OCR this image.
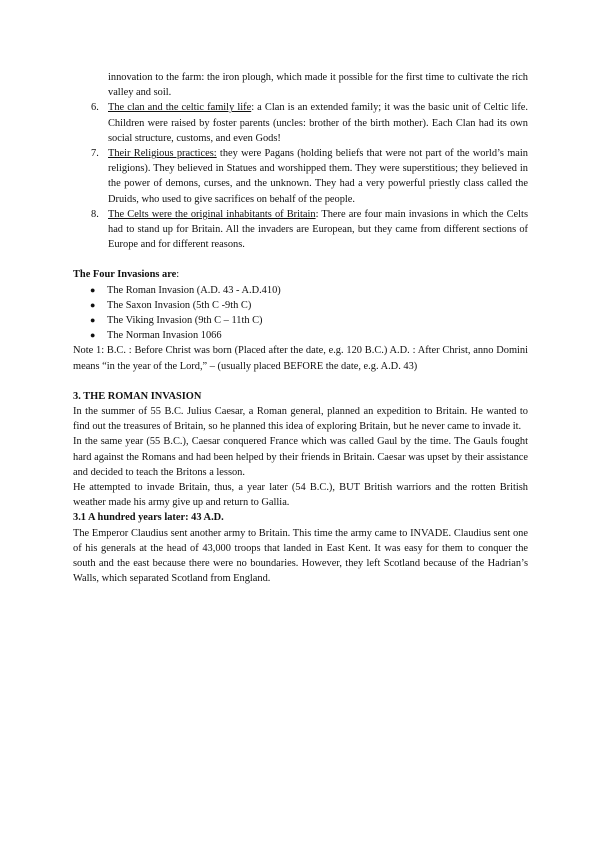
innovation to the farm: the iron plough, which made it possible for the first time to cultivate the rich valley and soil.

6. The clan and the celtic family life: a Clan is an extended family; it was the basic unit of Celtic life. Children were raised by foster parents (uncles: brother of the birth mother). Each Clan had its own social structure, customs, and even Gods!
7. Their Religious practices: they were Pagans (holding beliefs that were not part of the world’s main religions). They believed in Statues and worshipped them. They were superstitious; they believed in the power of demons, curses, and the unknown. They had a very powerful priestly class called the Druids, who used to give sacrifices on behalf of the people.
8. The Celts were the original inhabitants of Britain: There are four main invasions in which the Celts had to stand up for Britain. All the invaders are European, but they came from different sections of Europe and for different reasons.

The Four Invasions are:

● The Roman Invasion (A.D. 43 - A.D.410)
● The Saxon Invasion (5th C -9th C)
● The Viking Invasion (9th C – 11th C)
● The Norman Invasion 1066

Note 1: B.C. : Before Christ was born (Placed after the date, e.g. 120 B.C.) A.D. : After Christ, anno Domini means “in the year of the Lord,” – (usually placed BEFORE the date, e.g. A.D. 43)

3. THE ROMAN INVASION

In the summer of 55 B.C. Julius Caesar, a Roman general, planned an expedition to Britain. He wanted to find out the treasures of Britain, so he planned this idea of exploring Britain, but he never came to invade it.

In the same year (55 B.C.), Caesar conquered France which was called Gaul by the time. The Gauls fought hard against the Romans and had been helped by their friends in Britain. Caesar was upset by their assistance and decided to teach the Britons a lesson.

He attempted to invade Britain, thus, a year later (54 B.C.), BUT British warriors and the rotten British weather made his army give up and return to Gallia.

3.1 A hundred years later: 43 A.D.

The Emperor Claudius sent another army to Britain. This time the army came to INVADE. Claudius sent one of his generals at the head of 43,000 troops that landed in East Kent. It was easy for them to conquer the south and the east because there were no boundaries. However, they left Scotland because of the Hadrian’s Walls, which separated Scotland from England.
